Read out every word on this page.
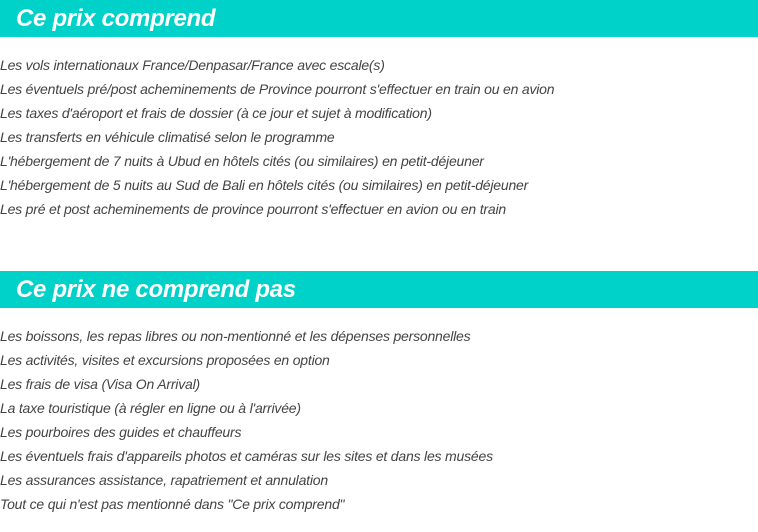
Ce prix comprend
Les vols internationaux France/Denpasar/France avec escale(s)
Les éventuels pré/post acheminements de Province pourront s'effectuer en train ou en avion
Les taxes d'aéroport et frais de dossier (à ce jour et sujet à modification)
Les transferts en véhicule climatisé selon le programme
L'hébergement de 7 nuits à Ubud en hôtels cités (ou similaires) en petit-déjeuner
L'hébergement de 5 nuits au Sud de Bali en hôtels cités (ou similaires) en petit-déjeuner
Les pré et post acheminements de province pourront s'effectuer en avion ou en train
Ce prix ne comprend pas
Les boissons, les repas libres ou non-mentionné et les dépenses personnelles
Les activités, visites et excursions proposées en option
Les frais de visa (Visa On Arrival)
La taxe touristique (à régler en ligne ou à l'arrivée)
Les pourboires des guides et chauffeurs
Les éventuels frais d'appareils photos et caméras sur les sites et dans les musées
Les assurances assistance, rapatriement et annulation
Tout ce qui n'est pas mentionné dans "Ce prix comprend"
